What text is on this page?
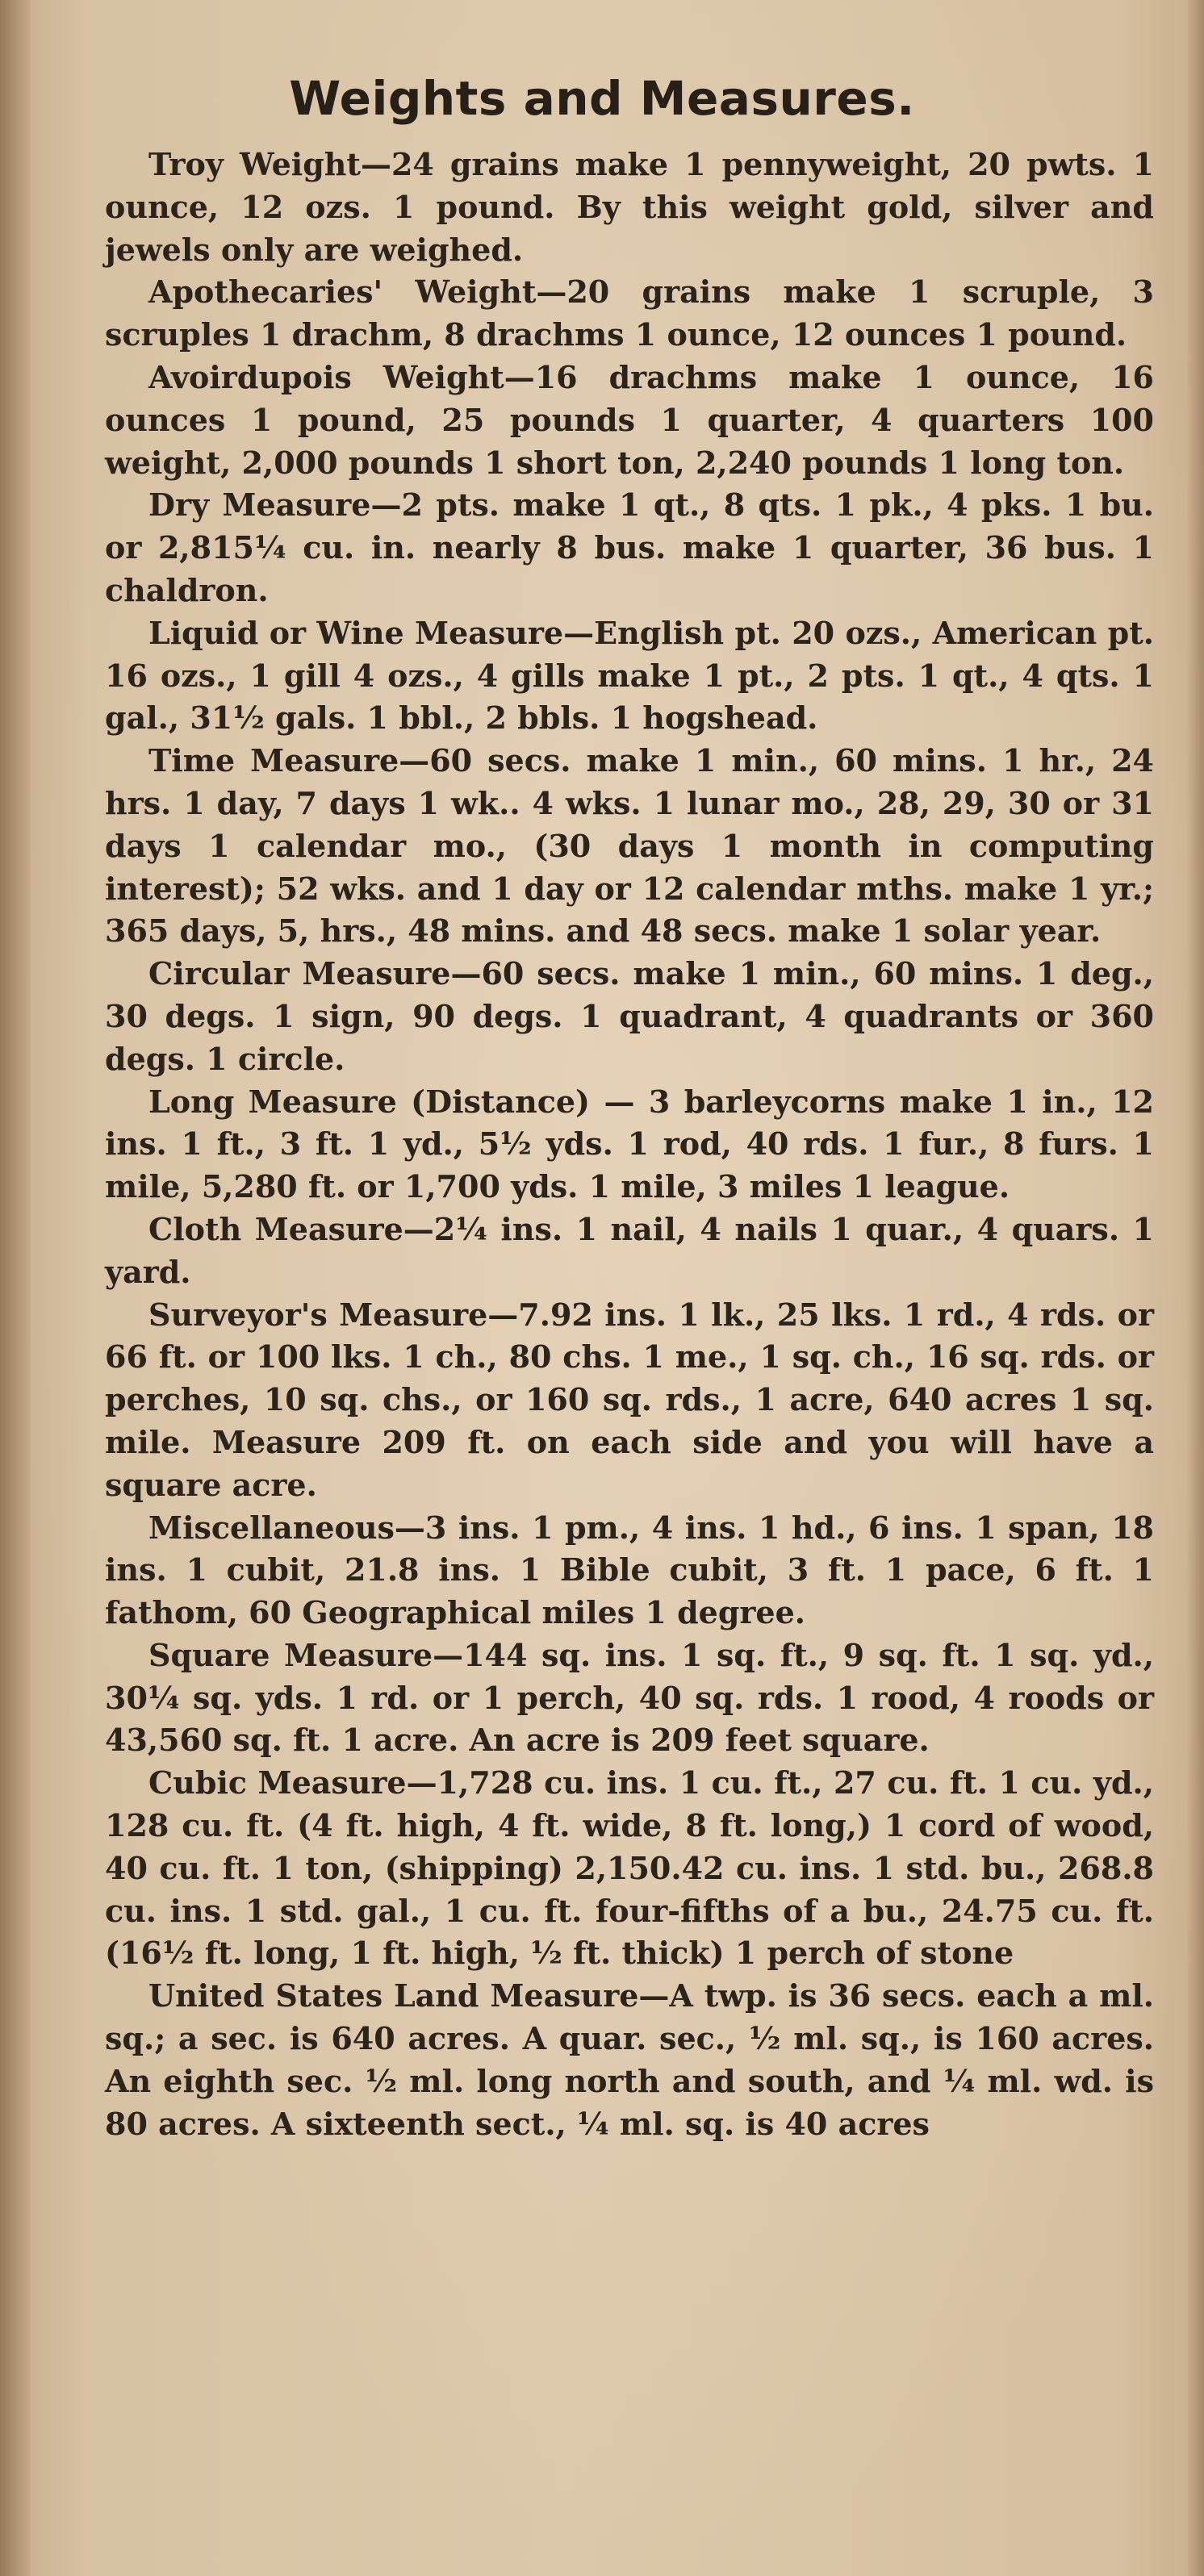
Weights and Measures.

Troy Weight—24 grains make 1 pennyweight, 20 pwts. 1 ounce, 12 ozs. 1 pound. By this weight gold, silver and jewels only are weighed.

Apothecaries' Weight—20 grains make 1 scruple, 3 scruples 1 drachm, 8 drachms 1 ounce, 12 ounces 1 pound.

Avoirdupois Weight—16 drachms make 1 ounce, 16 ounces 1 pound, 25 pounds 1 quarter, 4 quarters 100 weight, 2,000 pounds 1 short ton, 2,240 pounds 1 long ton.

Dry Measure—2 pts. make 1 qt., 8 qts. 1 pk., 4 pks. 1 bu. or 2,815¼ cu. in. nearly 8 bus. make 1 quarter, 36 bus. 1 chaldron.

Liquid or Wine Measure—English pt. 20 ozs., American pt. 16 ozs., 1 gill 4 ozs., 4 gills make 1 pt., 2 pts. 1 qt., 4 qts. 1 gal., 31½ gals. 1 bbl., 2 bbls. 1 hogshead.

Time Measure—60 secs. make 1 min., 60 mins. 1 hr., 24 hrs. 1 day, 7 days 1 wk.. 4 wks. 1 lunar mo., 28, 29, 30 or 31 days 1 calendar mo., (30 days 1 month in computing interest); 52 wks. and 1 day or 12 calendar mths. make 1 yr.; 365 days, 5, hrs., 48 mins. and 48 secs. make 1 solar year.

Circular Measure—60 secs. make 1 min., 60 mins. 1 deg., 30 degs. 1 sign, 90 degs. 1 quadrant, 4 quadrants or 360 degs. 1 circle.

Long Measure (Distance) — 3 barleycorns make 1 in., 12 ins. 1 ft., 3 ft. 1 yd., 5½ yds. 1 rod, 40 rds. 1 fur., 8 furs. 1 mile, 5,280 ft. or 1,700 yds. 1 mile, 3 miles 1 league.

Cloth Measure—2¼ ins. 1 nail, 4 nails 1 quar., 4 quars. 1 yard.

Surveyor's Measure—7.92 ins. 1 lk., 25 lks. 1 rd., 4 rds. or 66 ft. or 100 lks. 1 ch., 80 chs. 1 me., 1 sq. ch., 16 sq. rds. or perches, 10 sq. chs., or 160 sq. rds., 1 acre, 640 acres 1 sq. mile. Measure 209 ft. on each side and you will have a square acre.

Miscellaneous—3 ins. 1 pm., 4 ins. 1 hd., 6 ins. 1 span, 18 ins. 1 cubit, 21.8 ins. 1 Bible cubit, 3 ft. 1 pace, 6 ft. 1 fathom, 60 Geographical miles 1 degree.

Square Measure—144 sq. ins. 1 sq. ft., 9 sq. ft. 1 sq. yd., 30¼ sq. yds. 1 rd. or 1 perch, 40 sq. rds. 1 rood, 4 roods or 43,560 sq. ft. 1 acre. An acre is 209 feet square.

Cubic Measure—1,728 cu. ins. 1 cu. ft., 27 cu. ft. 1 cu. yd., 128 cu. ft. (4 ft. high, 4 ft. wide, 8 ft. long,) 1 cord of wood, 40 cu. ft. 1 ton, (shipping) 2,150.42 cu. ins. 1 std. bu., 268.8 cu. ins. 1 std. gal., 1 cu. ft. four-fifths of a bu., 24.75 cu. ft. (16½ ft. long, 1 ft. high, ½ ft. thick) 1 perch of stone

United States Land Measure—A twp. is 36 secs. each a ml. sq.; a sec. is 640 acres. A quar. sec., ½ ml. sq., is 160 acres. An eighth sec. ½ ml. long north and south, and ¼ ml. wd. is 80 acres. A sixteenth sect., ¼ ml. sq. is 40 acres
